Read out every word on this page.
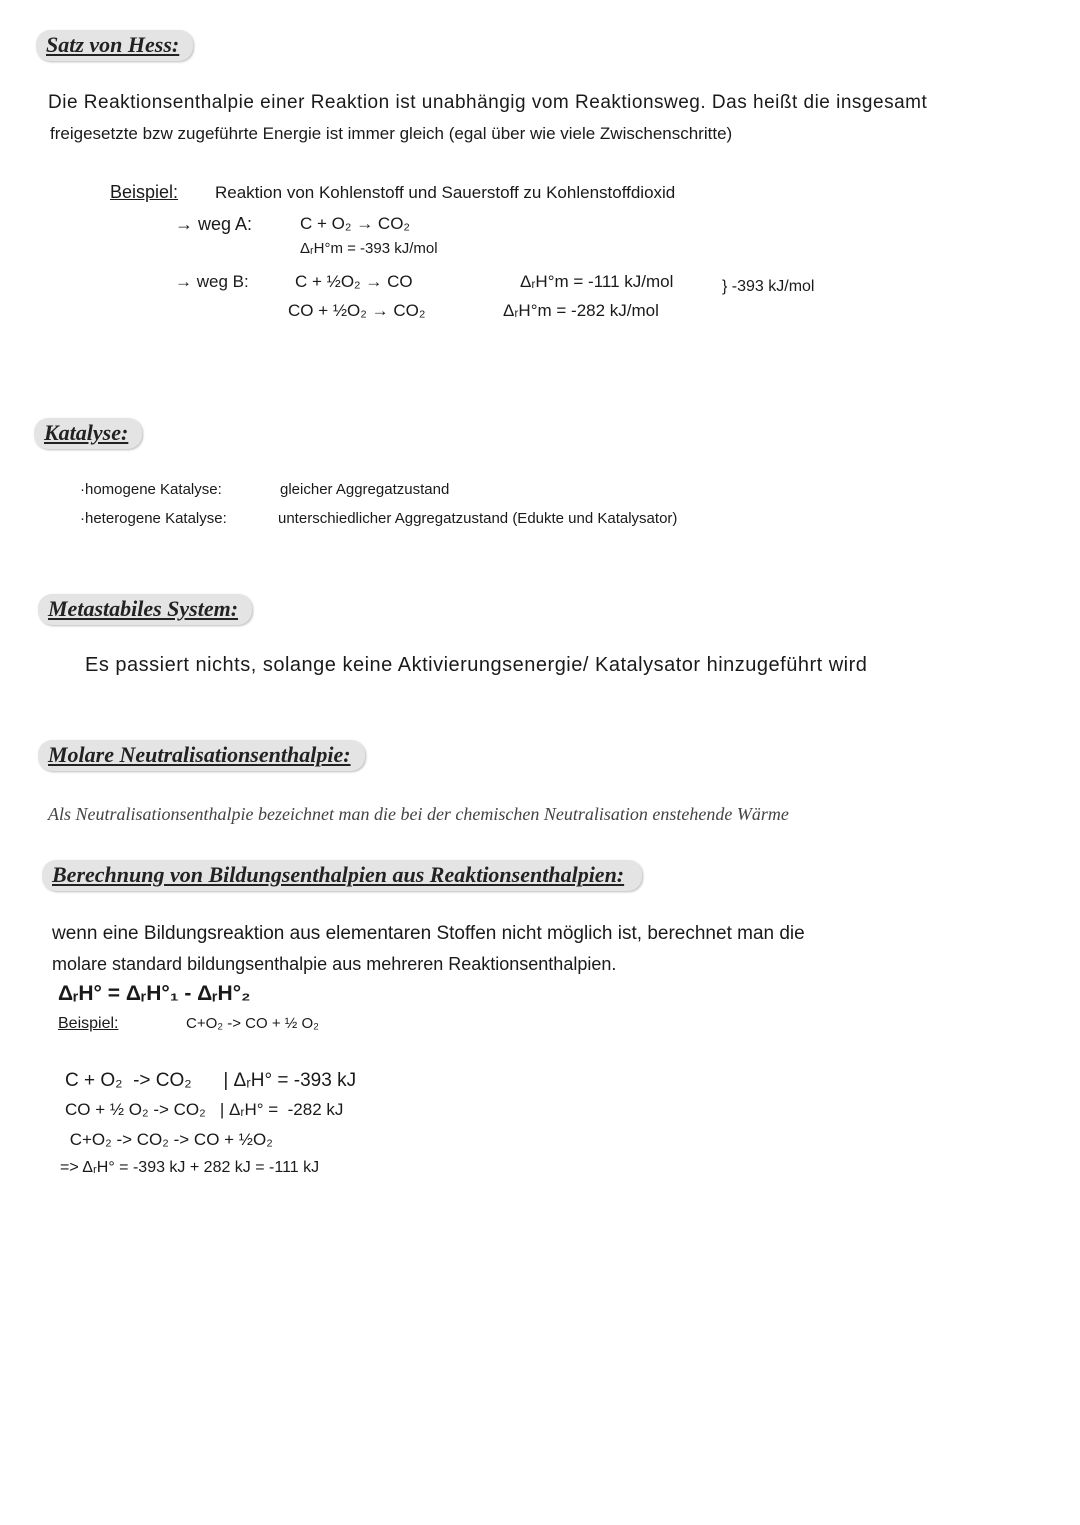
Satz von Hess:
Die Reaktionsenthalpie einer Reaktion ist unabhängig vom Reaktionsweg. Das heißt die insgesamt
freigesetzte bzw zugeführte Energie ist immer gleich (egal über wie viele Zwischenschritte)
Beispiel: Reaktion von Kohlenstoff und Sauerstoff zu Kohlenstoffdioxid
→ weg A:	C + O₂ → CO₂
ΔᵣH°m = -393 kJ/mol
→ weg B:	C + ½O₂ → CO	ΔᵣH°m = -111 kJ/mol
CO + ½O₂ → CO₂	ΔᵣH°m = -282 kJ/mol
} -393 kJ/mol
Katalyse:
·homogene Katalyse:	gleicher Aggregatzustand
·heterogene Katalyse:	unterschiedlicher Aggregatzustand (Edukte und Katalysator)
Metastabiles System:
Es passiert nichts, solange keine Aktivierungsenergie/ Katalysator hinzugeführt wird
Molare Neutralisationsenthalpie:
Als Neutralisationsenthalpie bezeichnet man die bei der chemischen Neutralisation enstehende Wärme
Berechnung von Bildungsenthalpien aus Reaktionsenthalpien:
wenn eine Bildungsreaktion aus elementaren Stoffen nicht möglich ist, berechnet man die
molare standard bildungsenthalpie aus mehreren Reaktionsenthalpien.
ΔᵣH° = ΔᵣH°₁ - ΔᵣH°₂
Beispiel:	C+O₂ -> CO + ½ O₂
C + O₂  -> CO₂      | ΔᵣH° = -393 kJ
CO + ½ O₂ -> CO₂   | ΔᵣH° =  -282 kJ
C+O₂ -> CO₂ -> CO + ½O₂
=> ΔᵣH° = -393 kJ + 282 kJ = -111 kJ
